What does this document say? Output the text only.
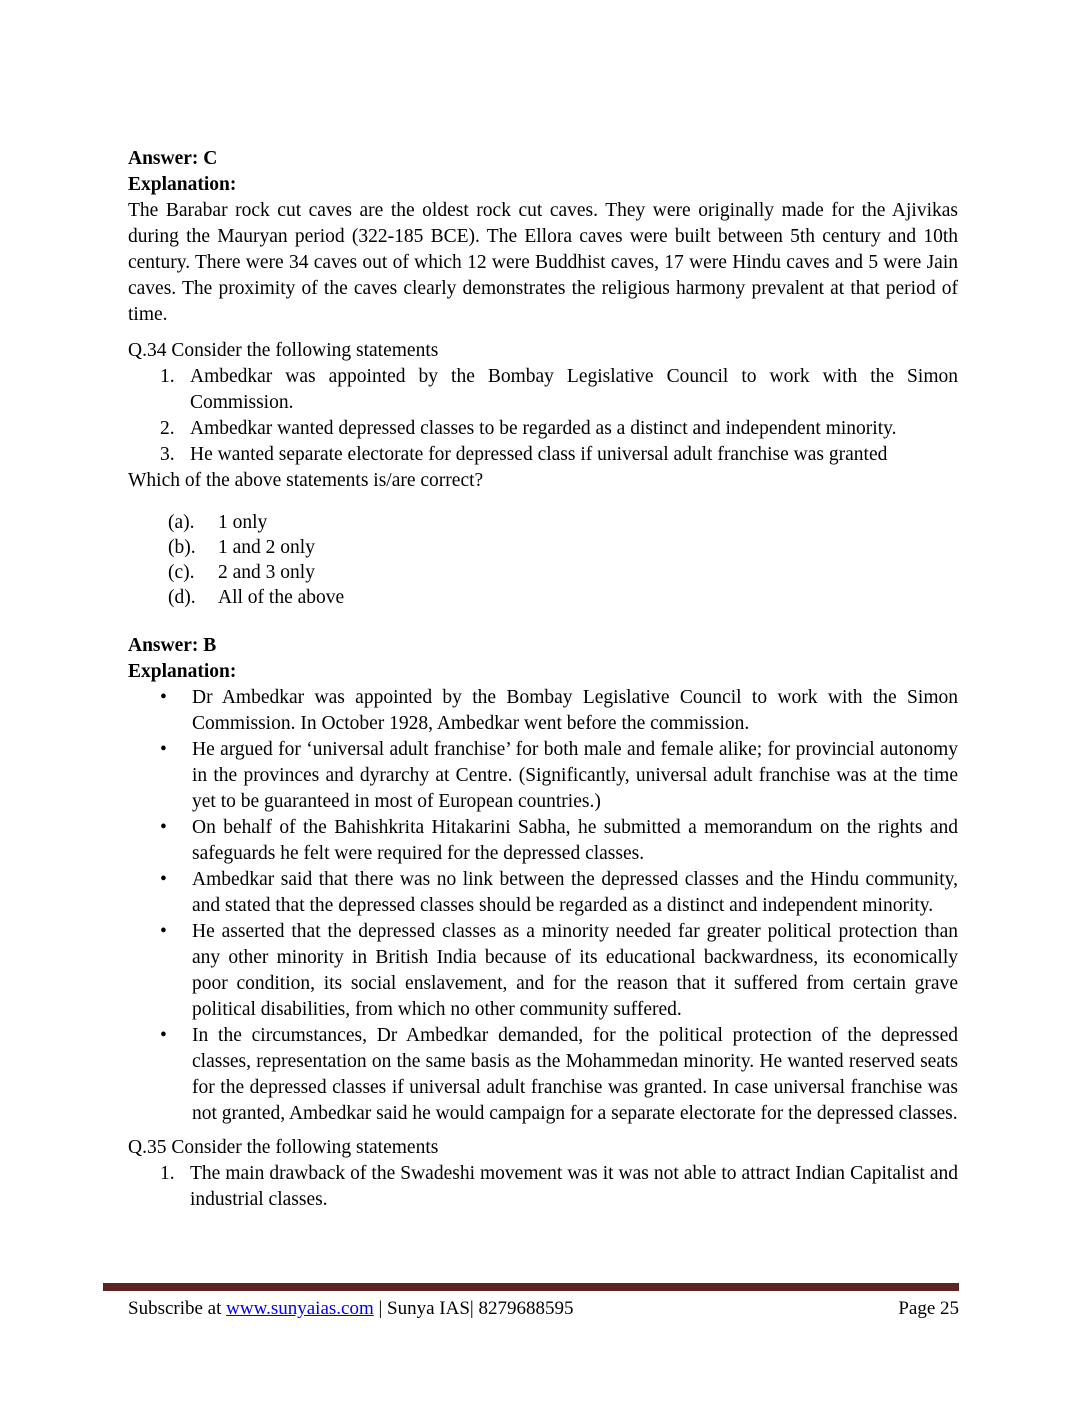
Answer: C

Explanation:

The Barabar rock cut caves are the oldest rock cut caves. They were originally made for the Ajivikas during the Mauryan period (322-185 BCE). The Ellora caves were built between 5th century and 10th century. There were 34 caves out of which 12 were Buddhist caves, 17 were Hindu caves and 5 were Jain caves. The proximity of the caves clearly demonstrates the religious harmony prevalent at that period of time.

Q.34 Consider the following statements

1. Ambedkar was appointed by the Bombay Legislative Council to work with the Simon Commission.
2. Ambedkar wanted depressed classes to be regarded as a distinct and independent minority.
3. He wanted separate electorate for depressed class if universal adult franchise was granted

Which of the above statements is/are correct?

(a).	1 only
(b).	1 and 2 only
(c).	2 and 3 only
(d).	All of the above

Answer: B

Explanation:

•
Dr Ambedkar was appointed by the Bombay Legislative Council to work with the Simon Commission. In October 1928, Ambedkar went before the commission.
•
He argued for ‘universal adult franchise’ for both male and female alike; for provincial autonomy in the provinces and dyrarchy at Centre. (Significantly, universal adult franchise was at the time yet to be guaranteed in most of European countries.)
•
On behalf of the Bahishkrita Hitakarini Sabha, he submitted a memorandum on the rights and safeguards he felt were required for the depressed classes.
•
Ambedkar said that there was no link between the depressed classes and the Hindu community, and stated that the depressed classes should be regarded as a distinct and independent minority.
•
He asserted that the depressed classes as a minority needed far greater political protection than any other minority in British India because of its educational backwardness, its economically poor condition, its social enslavement, and for the reason that it suffered from certain grave political disabilities, from which no other community suffered.
•
In the circumstances, Dr Ambedkar demanded, for the political protection of the depressed classes, representation on the same basis as the Mohammedan minority. He wanted reserved seats for the depressed classes if universal adult franchise was granted. In case universal franchise was not granted, Ambedkar said he would campaign for a separate electorate for the depressed classes.

Q.35 Consider the following statements

1. The main drawback of the Swadeshi movement was it was not able to attract Indian Capitalist and industrial classes.
Subscribe at www.sunyaias.com | Sunya IAS| 8279688595	Page 25
